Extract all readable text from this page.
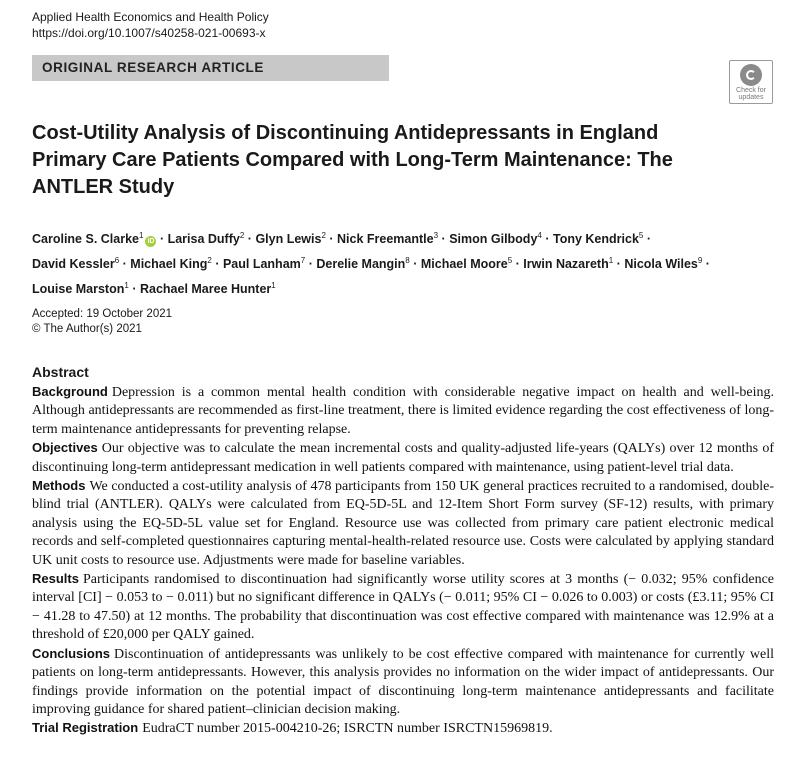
Applied Health Economics and Health Policy
https://doi.org/10.1007/s40258-021-00693-x
ORIGINAL RESEARCH ARTICLE
Check for
updates
Cost-Utility Analysis of Discontinuing Antidepressants in England Primary Care Patients Compared with Long-Term Maintenance: The ANTLER Study
Caroline S. Clarke$^1$iD · Larisa Duffy$^2$ · Glyn Lewis$^2$ · Nick Freemantle$^3$ · Simon Gilbody$^4$ · Tony Kendrick$^5$ ·
David Kessler$^6$ · Michael King$^2$ · Paul Lanham$^7$ · Derelie Mangin$^8$ · Michael Moore$^5$ · Irwin Nazareth$^1$ · Nicola Wiles$^9$ ·
Louise Marston$^1$ · Rachael Maree Hunter$^1$
Accepted: 19 October 2021
© The Author(s) 2021
Abstract

Background Depression is a common mental health condition with considerable negative impact on health and well-being. Although antidepressants are recommended as first-line treatment, there is limited evidence regarding the cost effectiveness of long-term maintenance antidepressants for preventing relapse.

Objectives Our objective was to calculate the mean incremental costs and quality-adjusted life-years (QALYs) over 12 months of discontinuing long-term antidepressant medication in well patients compared with maintenance, using patient-level trial data.

Methods We conducted a cost-utility analysis of 478 participants from 150 UK general practices recruited to a randomised, double-blind trial (ANTLER). QALYs were calculated from EQ-5D-5L and 12-Item Short Form survey (SF-12) results, with primary analysis using the EQ-5D-5L value set for England. Resource use was collected from primary care patient electronic medical records and self-completed questionnaires capturing mental-health-related resource use. Costs were calculated by applying standard UK unit costs to resource use. Adjustments were made for baseline variables.

Results Participants randomised to discontinuation had significantly worse utility scores at 3 months (− 0.032; 95% confidence interval [CI] − 0.053 to − 0.011) but no significant difference in QALYs (− 0.011; 95% CI − 0.026 to 0.003) or costs (£3.11; 95% CI − 41.28 to 47.50) at 12 months. The probability that discontinuation was cost effective compared with maintenance was 12.9% at a threshold of £20,000 per QALY gained.

Conclusions Discontinuation of antidepressants was unlikely to be cost effective compared with maintenance for currently well patients on long-term antidepressants. However, this analysis provides no information on the wider impact of antidepressants. Our findings provide information on the potential impact of discontinuing long-term maintenance antidepressants and facilitate improving guidance for shared patient–clinician decision making.

Trial Registration EudraCT number 2015-004210-26; ISRCTN number ISRCTN15969819.
